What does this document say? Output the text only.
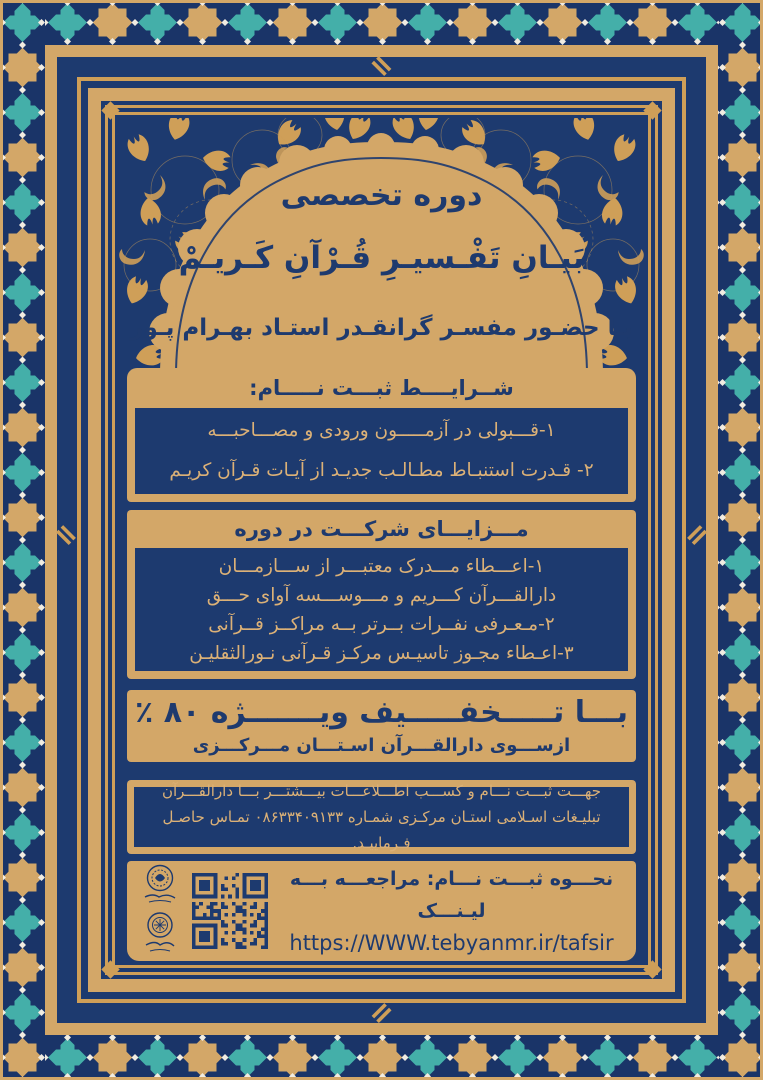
دوره تخصصی
بَیـانِ تَفْـسیـرِ قُـرْآنِ کَـریـمْ
بـا حضـور مفسـر گرانقـدر استـاد بهـرام پـور
شــرایــــط ثبـــت نـــــام:
۱-قـــبولی در آزمـــــون ورودی و مصـــاحبـــه
۲- قـدرت استنبـاط مطـالـب جدیـد از آیـات قـرآن کریـم
مـــزایـــای شرکـــت در دوره
۱-اعـــطاء مـــدرک معتبـــر از ســـازمـــان
دارالقـــرآن کـــریم و مـــوســـسه آوای حـــق
۲-مـعـرفی نفــرات بــرتر بــه مراکــز قــرآنی
۳-اعـطاء مجـوز تاسیـس مرکـز قـرآنی نـورالثقلیـن
بـــا تـــــخفـــــیف ویـــــــژه ۸۰ ٪
ازســـوی دارالقـــرآن اسـتـــان مـــرکـــزی
جهـــت ثبـــت نـــام و کســـب اطـــلاعـــات بیـــشتـــر بـــا دارالقـــرآن
تبلیـغات اسـلامی استـان مرکـزی شمـاره ۰۸۶۳۳۴۰۹۱۳۳ تمـاس حاصـل فـرماییـد.
نحـــوه ثبـــت نـــام: مراجعـــه بـــه لیـنـــک
https://WWW.tebyanmr.ir/tafsir
